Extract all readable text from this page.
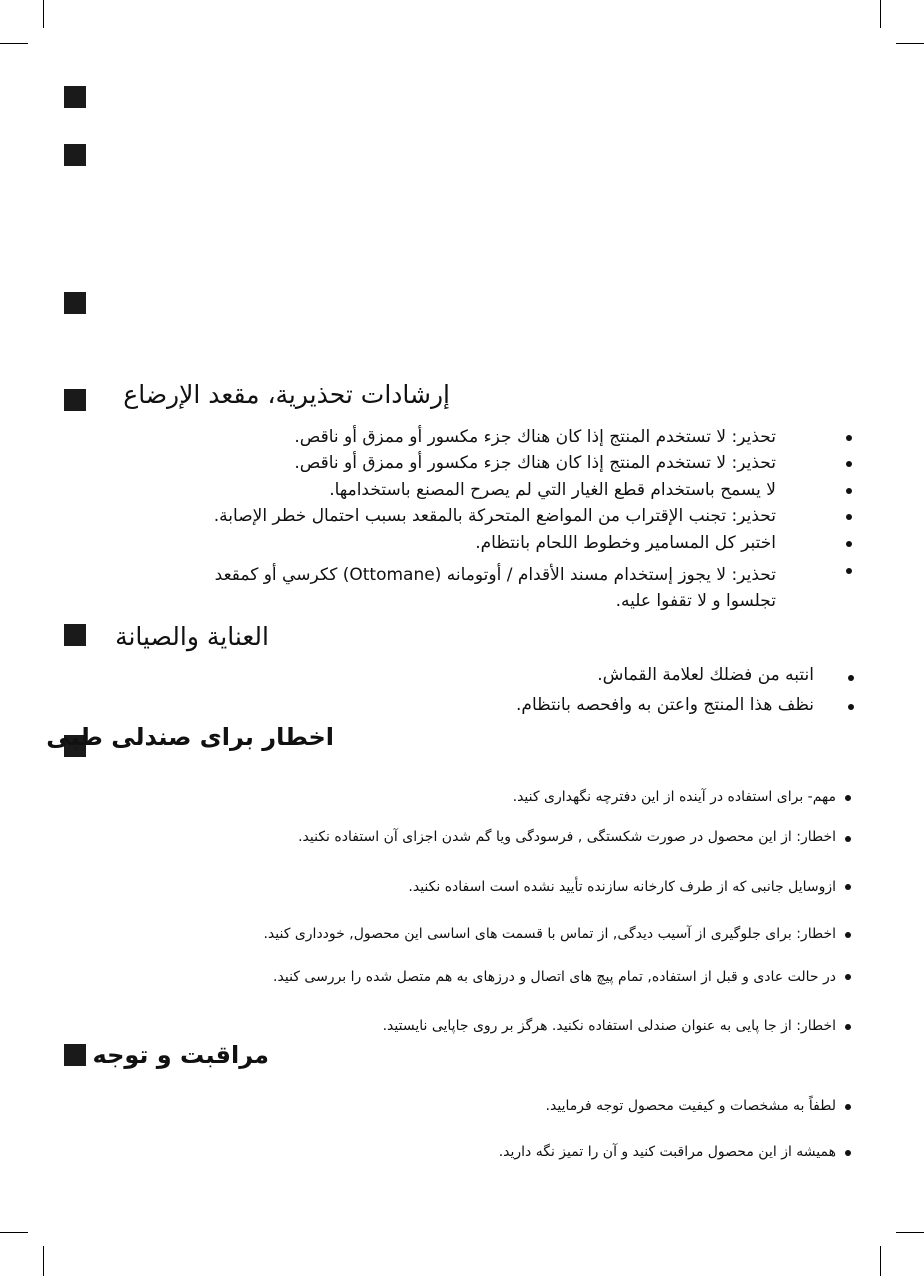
إرشادات تحذيرية، مقعد الإرضاع
تحذير: لا تستخدم المنتج إذا كان هناك جزء مكسور أو ممزق أو ناقص.
تحذير: لا تستخدم المنتج إذا كان هناك جزء مكسور أو ممزق أو ناقص.
لا يسمح باستخدام قطع الغيار التي لم يصرح المصنع باستخدامها.
تحذير: تجنب الإقتراب من المواضع المتحركة بالمقعد بسبب احتمال خطر الإصابة.
اختبر كل المسامير وخطوط اللحام بانتظام.
تحذير: لا يجوز إستخدام مسند الأقدام / أوتومانه (Ottomane) ككرسي أو كمقعد تجلسوا و لا تقفوا عليه.
العناية والصيانة
انتبه من فضلك لعلامة القماش.
نظف هذا المنتج واعتن به وافحصه بانتظام.
اخطار برای صندلی طبی
مهم- برای استفاده در آینده از این دفترچه نگهداری کنید.
اخطار: از این محصول در صورت شکستگی , فرسودگی ویا گم شدن اجزای آن استفاده نکنید.
ازوسایل جانبی که از طرف کارخانه سازنده تأیید نشده است اسفاده نکنید.
اخطار: برای جلوگیری از آسیب دیدگی, از تماس با قسمت های اساسی این محصول, خودداری کنید.
در حالت عادی و قبل از استفاده, تمام پیچ های اتصال و درزهای به هم متصل شده را بررسی کنید.
اخطار: از جا پایی به عنوان صندلی استفاده نکنید. هرگز بر روی جاپایی نایستید.
مراقبت و توجه
لطفاً به مشخصات و کیفیت محصول توجه فرمایید.
همیشه از این محصول مراقبت کنید و آن را تمیز نگه دارید.
